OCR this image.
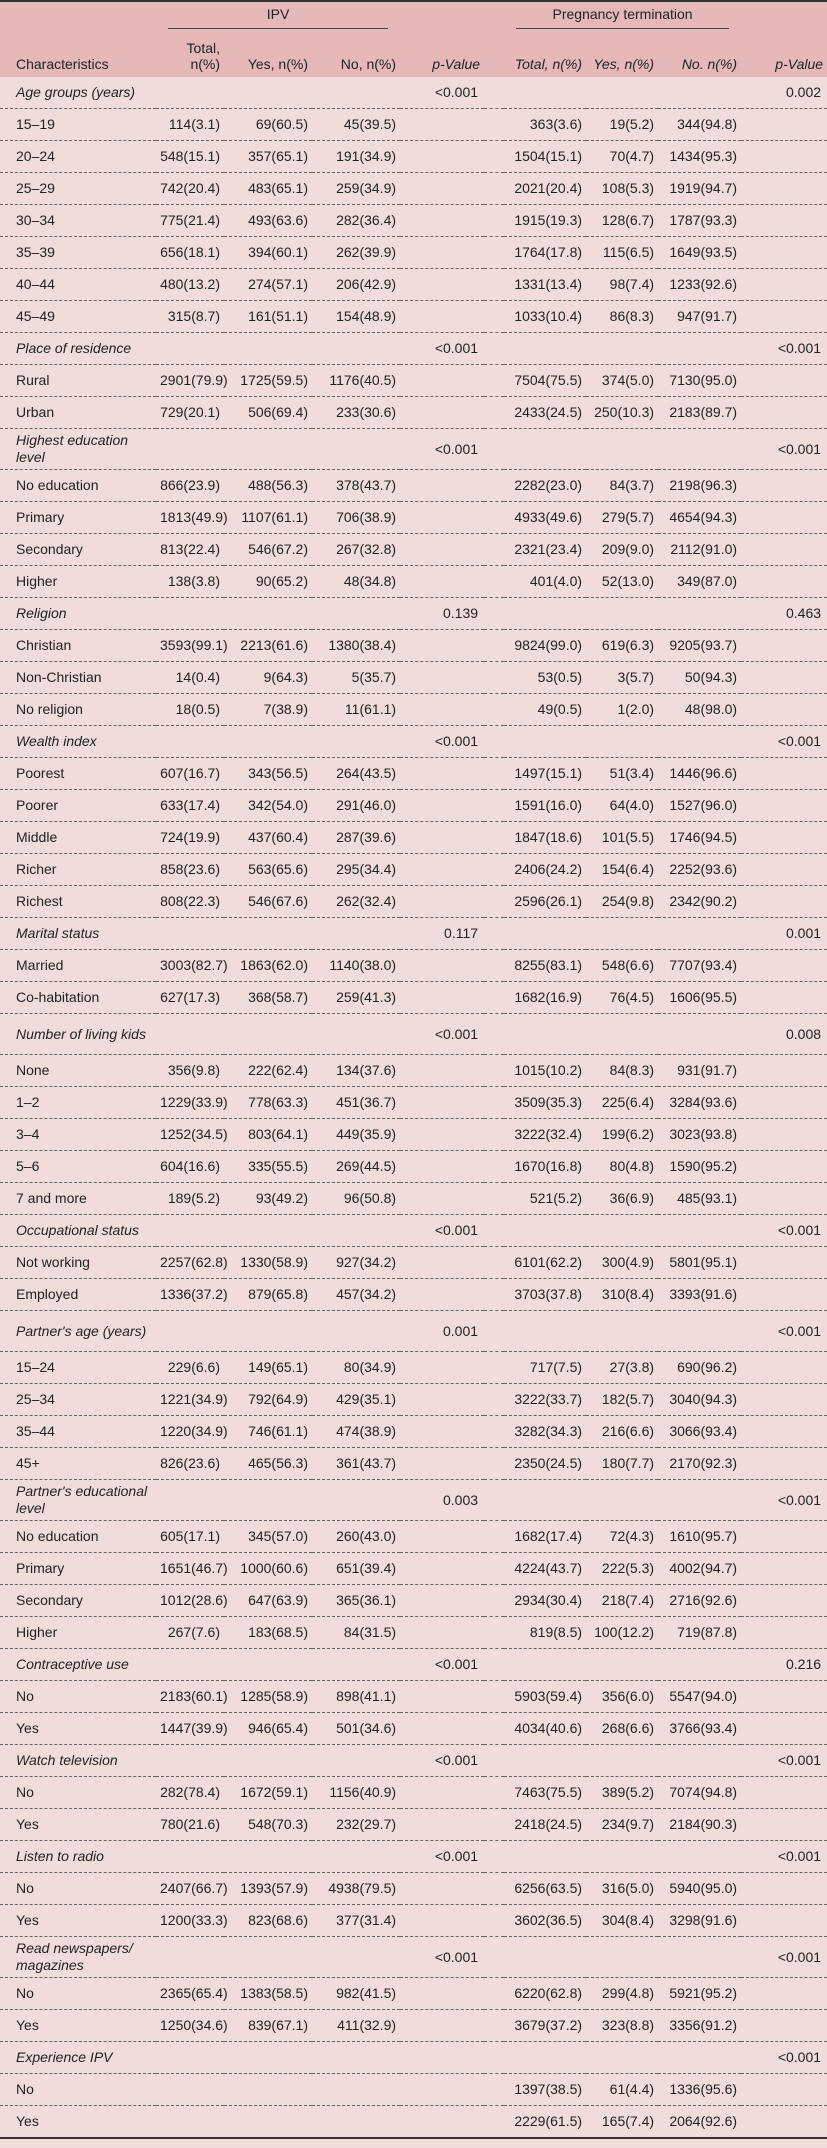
	IPV					Pregnancy termination			

Characteristics	Total, n(%)	Yes, n(%)	No, n(%)	p-Value		Total, n(%)	Yes, n(%)	No. n(%)	p-Value
Age groups (years)				<0.001					0.002
15–19	114(3.1)	69(60.5)	45(39.5)			363(3.6)	19(5.2)	344(94.8)	
20–24	548(15.1)	357(65.1)	191(34.9)			1504(15.1)	70(4.7)	1434(95.3)	
25–29	742(20.4)	483(65.1)	259(34.9)			2021(20.4)	108(5.3)	1919(94.7)	
30–34	775(21.4)	493(63.6)	282(36.4)			1915(19.3)	128(6.7)	1787(93.3)	
35–39	656(18.1)	394(60.1)	262(39.9)			1764(17.8)	115(6.5)	1649(93.5)	
40–44	480(13.2)	274(57.1)	206(42.9)			1331(13.4)	98(7.4)	1233(92.6)	
45–49	315(8.7)	161(51.1)	154(48.9)			1033(10.4)	86(8.3)	947(91.7)	
Place of residence				<0.001					<0.001
Rural	2901(79.9)	1725(59.5)	1176(40.5)			7504(75.5)	374(5.0)	7130(95.0)	
Urban	729(20.1)	506(69.4)	233(30.6)			2433(24.5)	250(10.3)	2183(89.7)	
Highest education level				<0.001					<0.001
No education	866(23.9)	488(56.3)	378(43.7)			2282(23.0)	84(3.7)	2198(96.3)	
Primary	1813(49.9)	1107(61.1)	706(38.9)			4933(49.6)	279(5.7)	4654(94.3)	
Secondary	813(22.4)	546(67.2)	267(32.8)			2321(23.4)	209(9.0)	2112(91.0)	
Higher	138(3.8)	90(65.2)	48(34.8)			401(4.0)	52(13.0)	349(87.0)	
Religion				0.139					0.463
Christian	3593(99.1)	2213(61.6)	1380(38.4)			9824(99.0)	619(6.3)	9205(93.7)	
Non-Christian	14(0.4)	9(64.3)	5(35.7)			53(0.5)	3(5.7)	50(94.3)	
No religion	18(0.5)	7(38.9)	11(61.1)			49(0.5)	1(2.0)	48(98.0)	
Wealth index				<0.001					<0.001
Poorest	607(16.7)	343(56.5)	264(43.5)			1497(15.1)	51(3.4)	1446(96.6)	
Poorer	633(17.4)	342(54.0)	291(46.0)			1591(16.0)	64(4.0)	1527(96.0)	
Middle	724(19.9)	437(60.4)	287(39.6)			1847(18.6)	101(5.5)	1746(94.5)	
Richer	858(23.6)	563(65.6)	295(34.4)			2406(24.2)	154(6.4)	2252(93.6)	
Richest	808(22.3)	546(67.6)	262(32.4)			2596(26.1)	254(9.8)	2342(90.2)	
Marital status				0.117					0.001
Married	3003(82.7)	1863(62.0)	1140(38.0)			8255(83.1)	548(6.6)	7707(93.4)	
Co-habitation	627(17.3)	368(58.7)	259(41.3)			1682(16.9)	76(4.5)	1606(95.5)	
Number of living kids				<0.001					0.008
None	356(9.8)	222(62.4)	134(37.6)			1015(10.2)	84(8.3)	931(91.7)	
1–2	1229(33.9)	778(63.3)	451(36.7)			3509(35.3)	225(6.4)	3284(93.6)	
3–4	1252(34.5)	803(64.1)	449(35.9)			3222(32.4)	199(6.2)	3023(93.8)	
5–6	604(16.6)	335(55.5)	269(44.5)			1670(16.8)	80(4.8)	1590(95.2)	
7 and more	189(5.2)	93(49.2)	96(50.8)			521(5.2)	36(6.9)	485(93.1)	
Occupational status				<0.001					<0.001
Not working	2257(62.8)	1330(58.9)	927(34.2)			6101(62.2)	300(4.9)	5801(95.1)	
Employed	1336(37.2)	879(65.8)	457(34.2)			3703(37.8)	310(8.4)	3393(91.6)	
Partner's age (years)				0.001					<0.001
15–24	229(6.6)	149(65.1)	80(34.9)			717(7.5)	27(3.8)	690(96.2)	
25–34	1221(34.9)	792(64.9)	429(35.1)			3222(33.7)	182(5.7)	3040(94.3)	
35–44	1220(34.9)	746(61.1)	474(38.9)			3282(34.3)	216(6.6)	3066(93.4)	
45+	826(23.6)	465(56.3)	361(43.7)			2350(24.5)	180(7.7)	2170(92.3)	
Partner's educational level				0.003					<0.001
No education	605(17.1)	345(57.0)	260(43.0)			1682(17.4)	72(4.3)	1610(95.7)	
Primary	1651(46.7)	1000(60.6)	651(39.4)			4224(43.7)	222(5.3)	4002(94.7)	
Secondary	1012(28.6)	647(63.9)	365(36.1)			2934(30.4)	218(7.4)	2716(92.6)	
Higher	267(7.6)	183(68.5)	84(31.5)			819(8.5)	100(12.2)	719(87.8)	
Contraceptive use				<0.001					0.216
No	2183(60.1)	1285(58.9)	898(41.1)			5903(59.4)	356(6.0)	5547(94.0)	
Yes	1447(39.9)	946(65.4)	501(34.6)			4034(40.6)	268(6.6)	3766(93.4)	
Watch television				<0.001					<0.001
No	282(78.4)	1672(59.1)	1156(40.9)			7463(75.5)	389(5.2)	7074(94.8)	
Yes	780(21.6)	548(70.3)	232(29.7)			2418(24.5)	234(9.7)	2184(90.3)	
Listen to radio				<0.001					<0.001
No	2407(66.7)	1393(57.9)	4938(79.5)			6256(63.5)	316(5.0)	5940(95.0)	
Yes	1200(33.3)	823(68.6)	377(31.4)			3602(36.5)	304(8.4)	3298(91.6)	
Read newspapers/ magazines				<0.001					<0.001
No	2365(65.4)	1383(58.5)	982(41.5)			6220(62.8)	299(4.8)	5921(95.2)	
Yes	1250(34.6)	839(67.1)	411(32.9)			3679(37.2)	323(8.8)	3356(91.2)	
Experience IPV									<0.001
No						1397(38.5)	61(4.4)	1336(95.6)	
Yes						2229(61.5)	165(7.4)	2064(92.6)	
